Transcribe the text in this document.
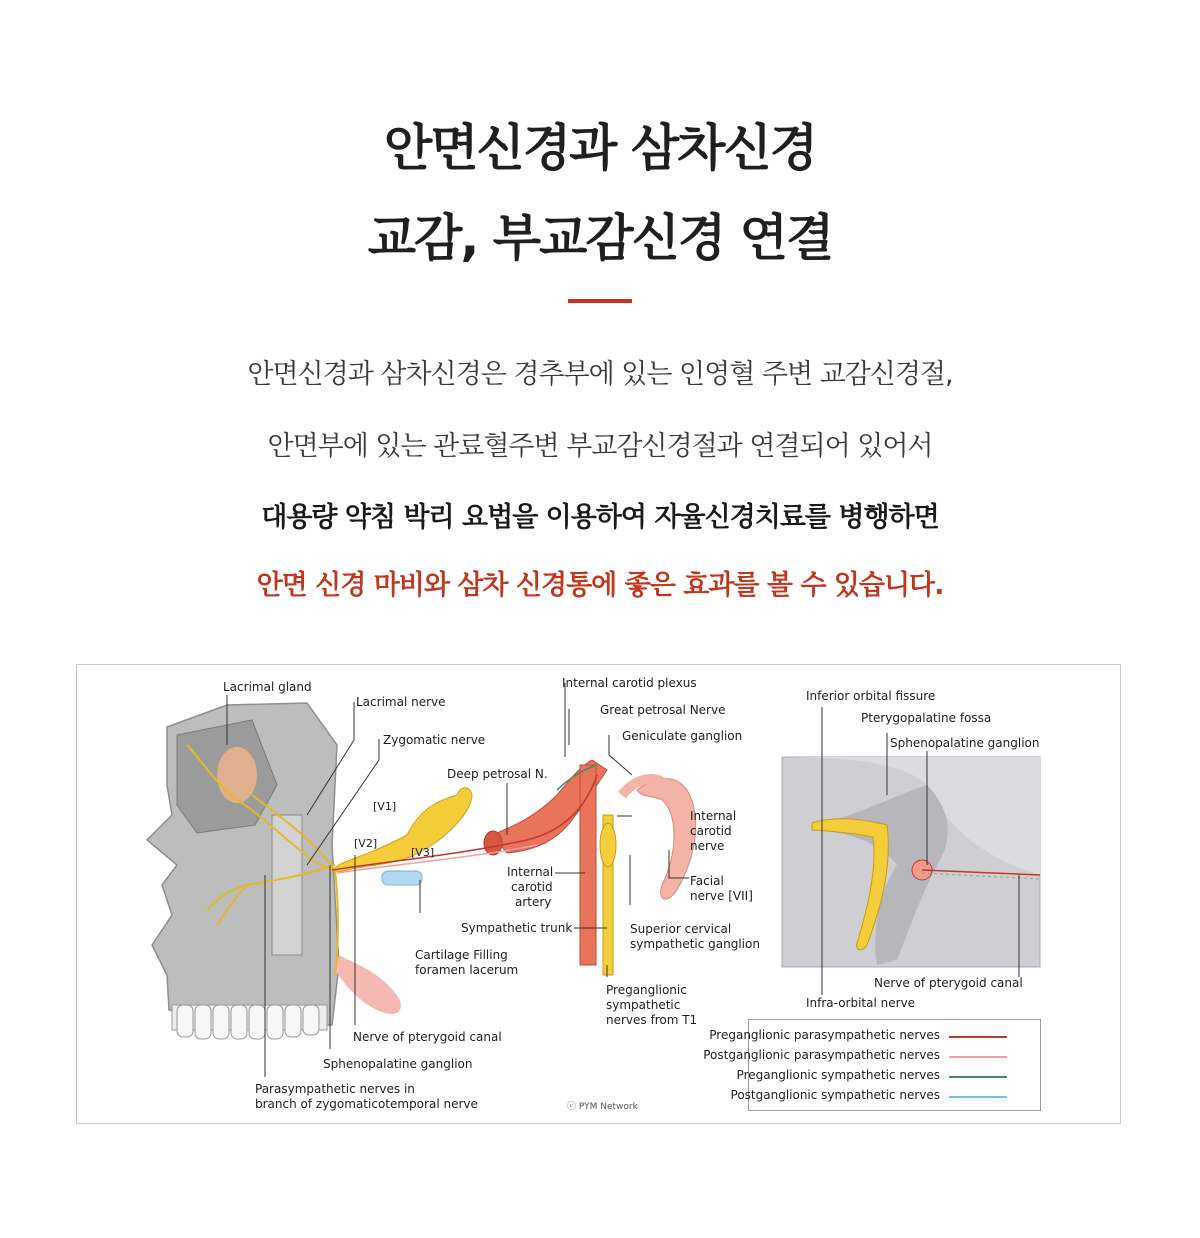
안면신경과 삼차신경
교감, 부교감신경 연결
안면신경과 삼차신경은 경추부에 있는 인영혈 주변 교감신경절,
안면부에 있는 관료혈주변 부교감신경절과 연결되어 있어서
대용량 약침 박리 요법을 이용하여 자율신경치료를 병행하면
안면 신경 마비와 삼차 신경통에 좋은 효과를 볼 수 있습니다.
Lacrimal gland
Lacrimal nerve
Zygomatic nerve
[V1]
[V2]
[V3]
Deep petrosal N.
Internal carotid plexus
Great petrosal Nerve
Geniculate ganglion
Internal
carotid
nerve
Internal
carotid
artery
Facial
nerve [VII]
Sympathetic trunk	Superior cervical
sympathetic ganglion
Cartilage Filling
foramen lacerum
Preganglionic
sympathetic
nerves from T1
Nerve of pterygoid canal
Sphenopalatine ganglion
Parasympathetic nerves in
branch of zygomaticotemporal nerve	ⓒ PYM Network
Inferior orbital fissure
Pterygopalatine fossa
Sphenopalatine ganglion
Nerve of pterygoid canal
Infra-orbital nerve
Preganglionic parasympathetic nerves
Postganglionic parasympathetic nerves
Preganglionic sympathetic nerves
Postganglionic sympathetic nerves
